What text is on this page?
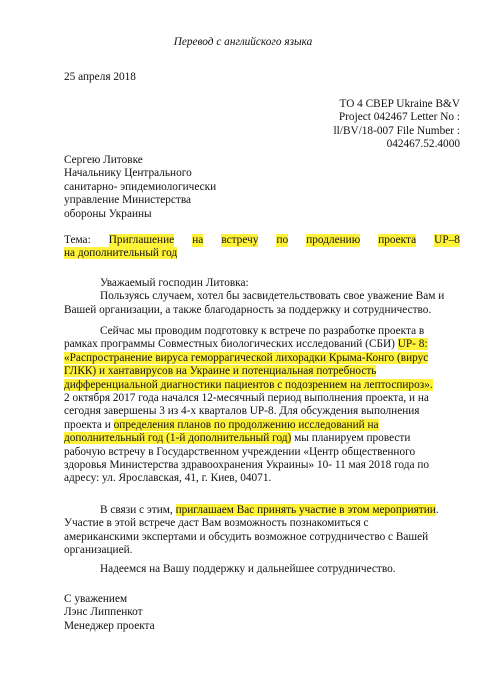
Перевод с английского языка
25 апреля 2018
TO 4 CBEP Ukraine B&V
Project 042467 Letter No :
ll/BV/18-007 File Number :
042467.52.4000
Сергею Литовке
Начальнику Центрального
санитарно- эпидемиологически
управление Министерства
обороны Украины
Тема: Приглашение на встречу по продлению проекта UP–8
на дополнительный год
Уважаемый господин Литовка:
Пользуясь случаем, хотел бы засвидетельствовать свое уважение Вам и
Вашей организации, а также благодарность за поддержку и сотрудничество.
Сейчас мы проводим подготовку к встрече по разработке проекта в
рамках программы Совместных биологических исследований (СБИ) UP- 8:
«Распространение вируса геморрагической лихорадки Крыма-Конго (вирус
ГЛКК) и хантавирусов на Украине и потенциальная потребность
дифференциальной диагностики пациентов с подозрением на лептоспироз».
2 октября 2017 года начался 12-месячный период выполнения проекта, и на
сегодня завершены 3 из 4-х кварталов UP-8. Для обсуждения выполнения
проекта и определения планов по продолжению исследований на
дополнительный год (1-й дополнительный год) мы планируем провести
рабочую встречу в Государственном учреждении «Центр общественного
здоровья Министерства здравоохранения Украины» 10- 11 мая 2018 года по
адресу: ул. Ярославская, 41, г. Киев, 04071.
В связи с этим, приглашаем Вас принять участие в этом мероприятии.
Участие в этой встрече даст Вам возможность познакомиться с
американскими экспертами и обсудить возможное сотрудничество с Вашей
организацией.
Надеемся на Вашу поддержку и дальнейшее сотрудничество.
С уважением
Лэнс Липпенкот
Менеджер проекта
